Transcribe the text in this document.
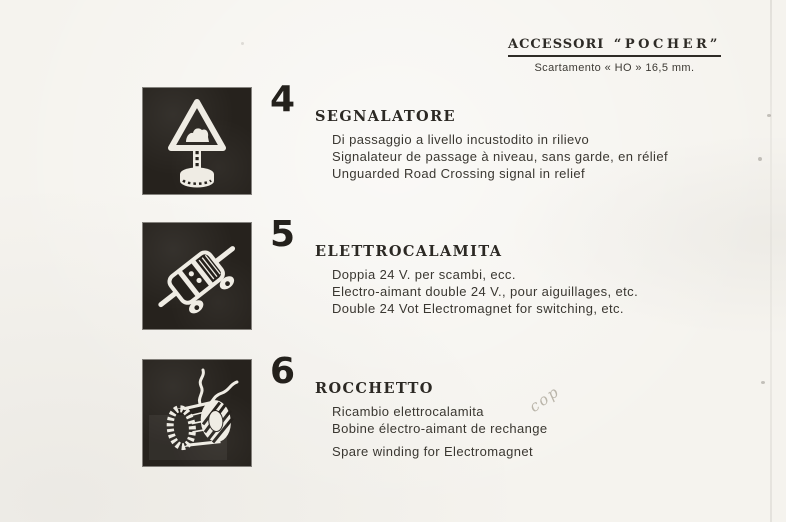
ACCESSORI “POCHER”
Scartamento « HO » 16,5 mm.
4 SEGNALATORE
Di passaggio a livello incustodito in rilievo
Signalateur de passage à niveau, sans garde, en rélief
Unguarded Road Crossing signal in relief
5 ELETTROCALAMITA
Doppia 24 V. per scambi, ecc.
Electro-aimant double 24 V., pour aiguillages, etc.
Double 24 Vot Electromagnet for switching, etc.
6 ROCCHETTO
Ricambio elettrocalamita
Bobine électro-aimant de rechange
Spare winding for Electromagnet
cop
